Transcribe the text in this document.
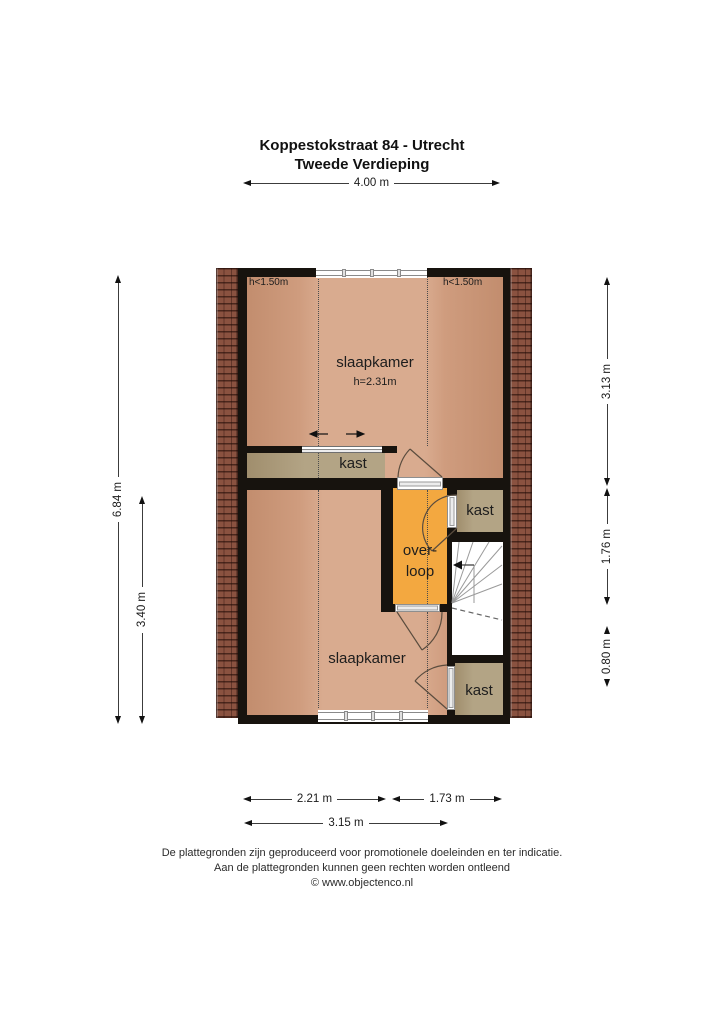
Koppestokstraat 84 - Utrecht
Tweede Verdieping
4.00 m
6.84 m
3.40 m
3.13 m
1.76 m
0.80 m
2.21 m	1.73 m
3.15 m
h<1.50m	h<1.50m
slaapkamer
h=2.31m
kast
kast
over-
loop
slaapkamer
kast
De plattegronden zijn geproduceerd voor promotionele doeleinden en ter indicatie.
Aan de plattegronden kunnen geen rechten worden ontleend
© www.objectenco.nl
